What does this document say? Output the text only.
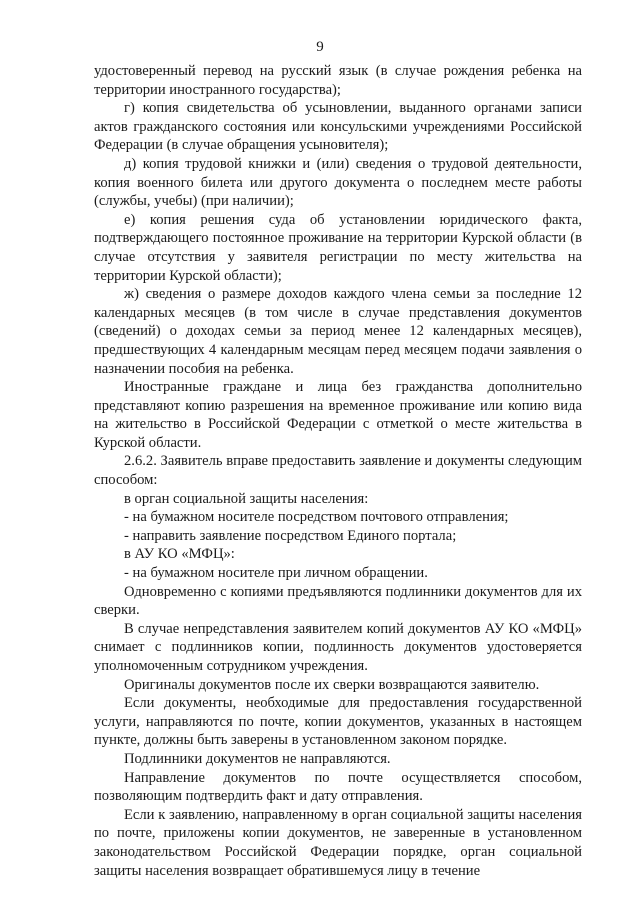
9

удостоверенный перевод на русский язык (в случае рождения ребенка на территории иностранного государства);

г) копия свидетельства об усыновлении, выданного органами записи актов гражданского состояния или консульскими учреждениями Российской Федерации (в случае обращения усыновителя);

д) копия трудовой книжки и (или) сведения о трудовой деятельности, копия военного билета или другого документа о последнем месте работы (службы, учебы) (при наличии);

е) копия решения суда об установлении юридического факта, подтверждающего постоянное проживание на территории Курской области (в случае отсутствия у заявителя регистрации по месту жительства на территории Курской области);

ж) сведения о размере доходов каждого члена семьи за последние 12 календарных месяцев (в том числе в случае представления документов (сведений) о доходах семьи за период менее 12 календарных месяцев), предшествующих 4 календарным месяцам перед месяцем подачи заявления о назначении пособия на ребенка.

Иностранные граждане и лица без гражданства дополнительно представляют копию разрешения на временное проживание или копию вида на жительство в Российской Федерации с отметкой о месте жительства в Курской области.

2.6.2. Заявитель вправе предоставить заявление и документы следующим способом:

в орган социальной защиты населения:

- на бумажном носителе посредством почтового отправления;

- направить заявление посредством Единого портала;

в АУ КО «МФЦ»:

- на бумажном носителе при личном обращении.

Одновременно с копиями предъявляются подлинники документов для их сверки.

В случае непредставления заявителем копий документов АУ КО «МФЦ» снимает с подлинников копии, подлинность документов удостоверяется уполномоченным сотрудником учреждения.

Оригиналы документов после их сверки возвращаются заявителю.

Если документы, необходимые для предоставления государственной услуги, направляются по почте, копии документов, указанных в настоящем пункте, должны быть заверены в установленном законом порядке.

Подлинники документов не направляются.

Направление документов по почте осуществляется способом, позволяющим подтвердить факт и дату отправления.

Если к заявлению, направленному в орган социальной защиты населения по почте, приложены копии документов, не заверенные в установленном законодательством Российской Федерации порядке, орган социальной защиты населения возвращает обратившемуся лицу в течение
